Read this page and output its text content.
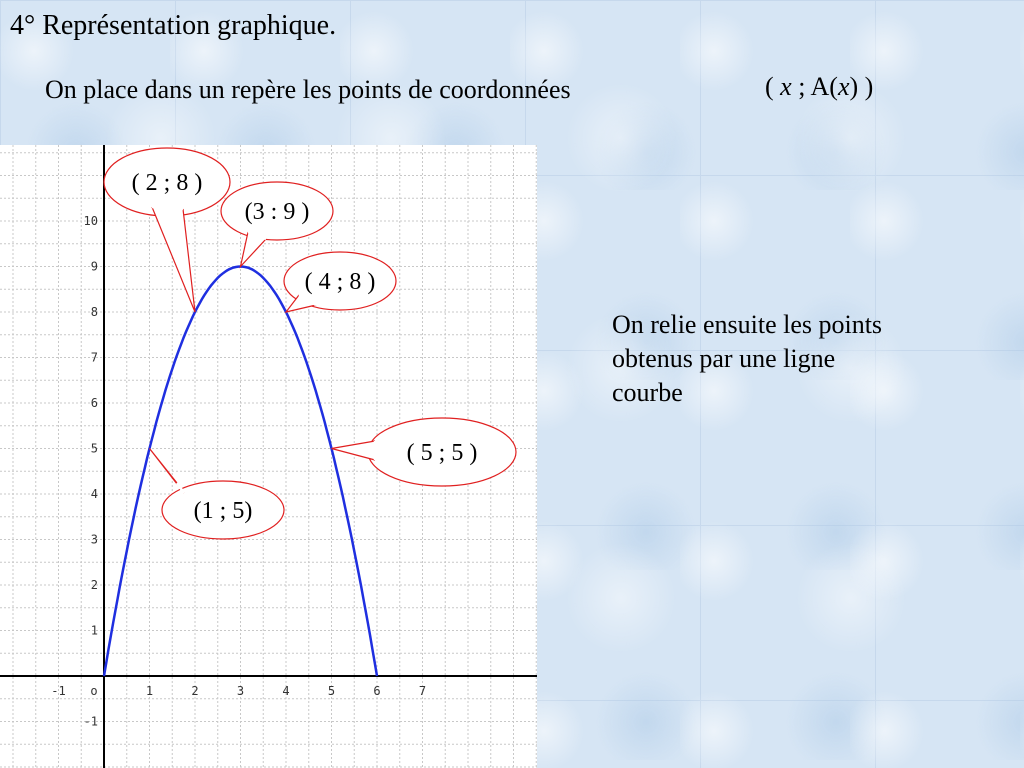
4° Représentation graphique.
On place dans un repère les points de coordonnées	( x ; A(x) )
-1	1	2	3	4	5	6	7
1
2
3
4
5
6
7
8
9
10
-1
o
( 2 ; 8 )
(3 : 9 )
( 4 ; 8 )
( 5 ; 5 )
(1 ; 5)
On relie ensuite les points obtenus par une ligne courbe
